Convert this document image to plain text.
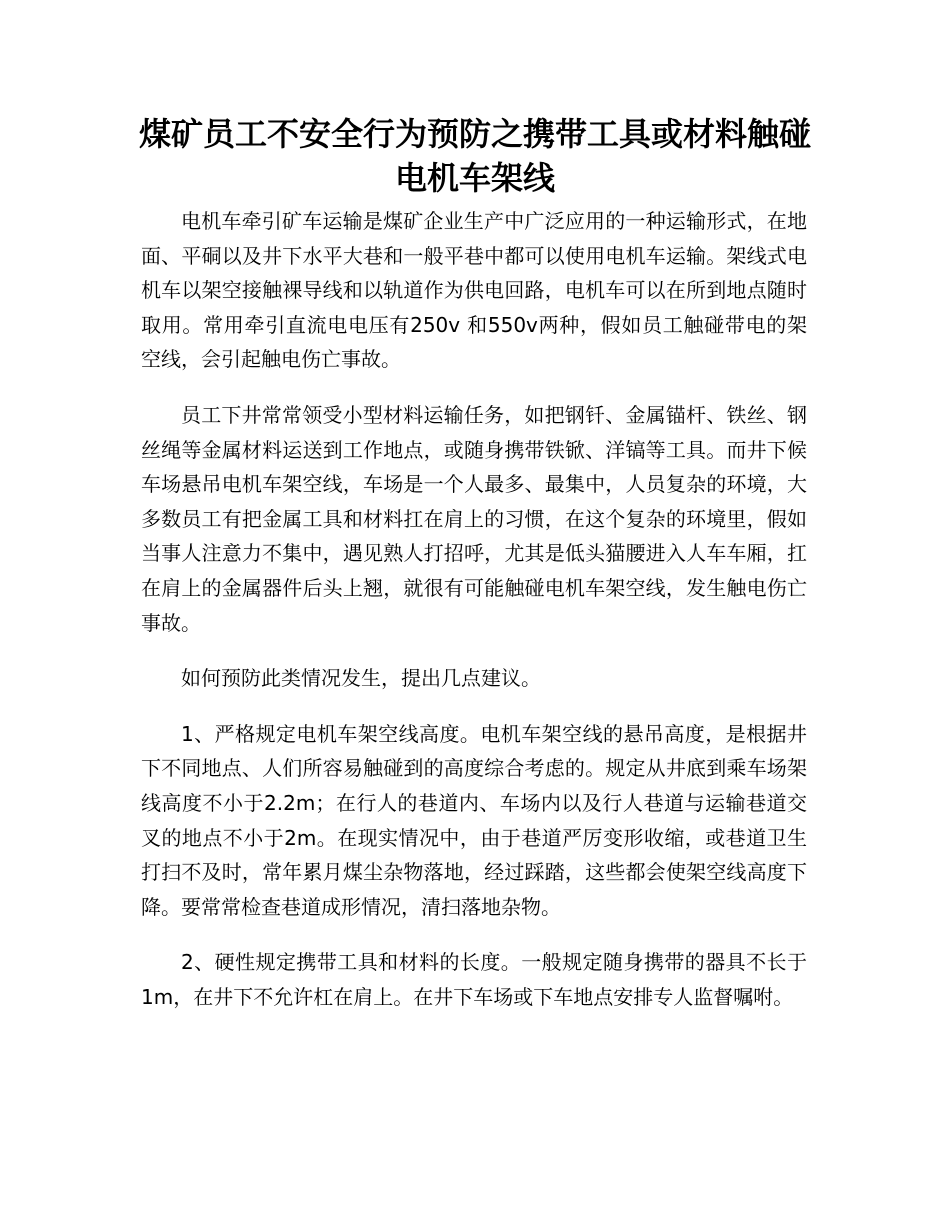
煤矿员工不安全行为预防之携带工具或材料触碰
电机车架线

电机车牵引矿车运输是煤矿企业生产中广泛应用的一种运输形式，在地面、平硐以及井下水平大巷和一般平巷中都可以使用电机车运输。架线式电机车以架空接触裸导线和以轨道作为供电回路，电机车可以在所到地点随时取用。常用牵引直流电电压有250v 和550v两种，假如员工触碰带电的架空线，会引起触电伤亡事故。

员工下井常常领受小型材料运输任务，如把钢钎、金属锚杆、铁丝、钢丝绳等金属材料运送到工作地点，或随身携带铁锨、洋镐等工具。而井下候车场悬吊电机车架空线，车场是一个人最多、最集中，人员复杂的环境，大多数员工有把金属工具和材料扛在肩上的习惯，在这个复杂的环境里，假如当事人注意力不集中，遇见熟人打招呼，尤其是低头猫腰进入人车车厢，扛在肩上的金属器件后头上翘，就很有可能触碰电机车架空线，发生触电伤亡事故。

如何预防此类情况发生，提出几点建议。

1、严格规定电机车架空线高度。电机车架空线的悬吊高度，是根据井下不同地点、人们所容易触碰到的高度综合考虑的。规定从井底到乘车场架线高度不小于2.2m；在行人的巷道内、车场内以及行人巷道与运输巷道交叉的地点不小于2m。在现实情况中，由于巷道严厉变形收缩，或巷道卫生打扫不及时，常年累月煤尘杂物落地，经过踩踏，这些都会使架空线高度下降。要常常检查巷道成形情况，清扫落地杂物。

2、硬性规定携带工具和材料的长度。一般规定随身携带的器具不长于1m，在井下不允许杠在肩上。在井下车场或下车地点安排专人监督嘱咐。
